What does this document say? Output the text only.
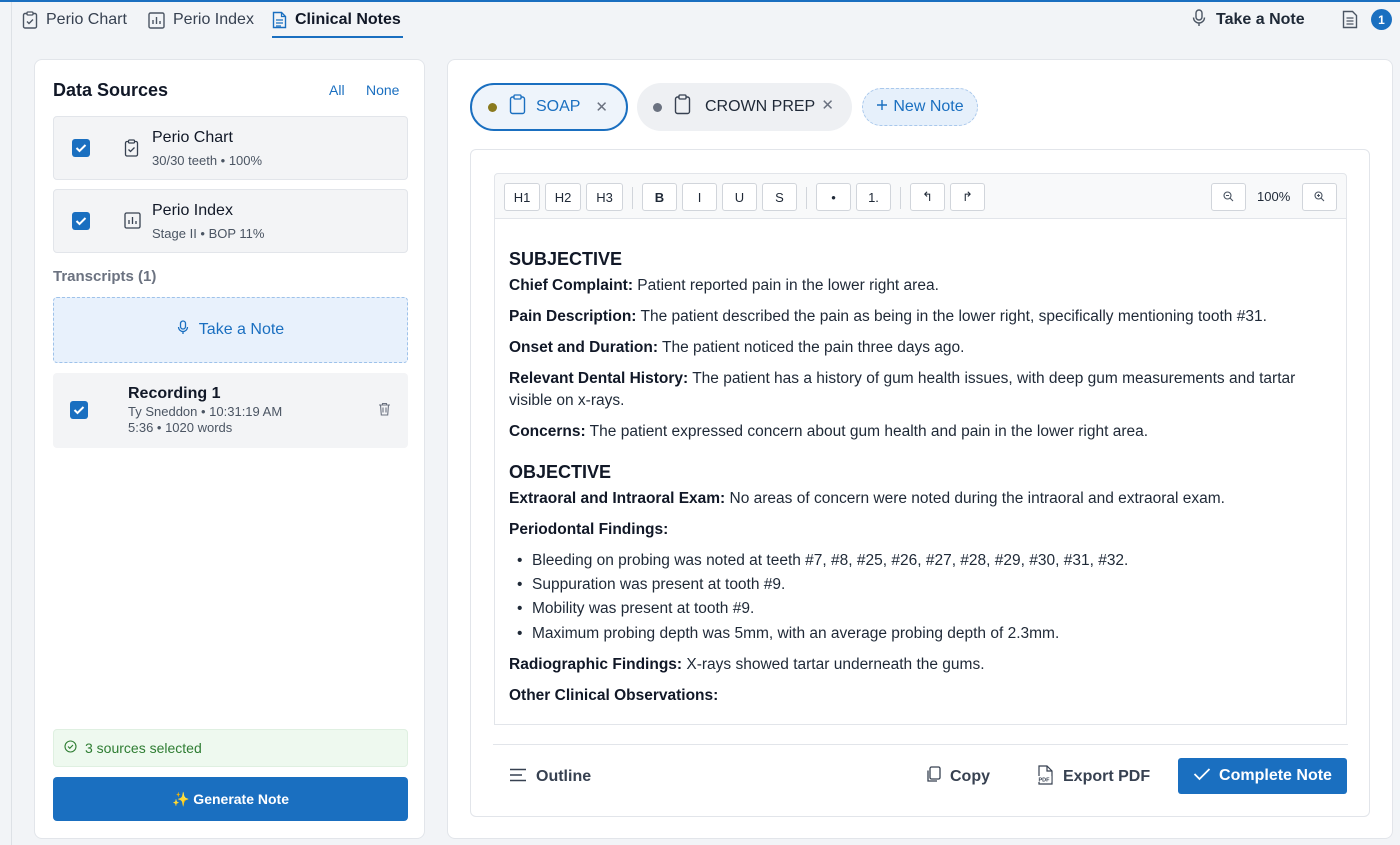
Perio Chart	Perio Index	Clinical Notes	Take a Note	1
Data Sources	All None
Perio Chart
30/30 teeth • 100%
Perio Index
Stage II • BOP 11%
Transcripts (1)
Take a Note
Recording 1
Ty Sneddon • 10:31:19 AM
5:36 • 1020 words
3 sources selected
✨ Generate Note
SOAP ✕	CROWN PREP ✕	New Note
H1	H2	H3	B	I	U	S	•	1.	↰	↱	100%
SUBJECTIVE
Chief Complaint: Patient reported pain in the lower right area.
Pain Description: The patient described the pain as being in the lower right, specifically mentioning tooth #31.
Onset and Duration: The patient noticed the pain three days ago.
Relevant Dental History: The patient has a history of gum health issues, with deep gum measurements and tartar visible on x-rays.
Concerns: The patient expressed concern about gum health and pain in the lower right area.
OBJECTIVE
Extraoral and Intraoral Exam: No areas of concern were noted during the intraoral and extraoral exam.
Periodontal Findings:
• Bleeding on probing was noted at teeth #7, #8, #25, #26, #27, #28, #29, #30, #31, #32.
• Suppuration was present at tooth #9.
• Mobility was present at tooth #9.
• Maximum probing depth was 5mm, with an average probing depth of 2.3mm.
Radiographic Findings: X-rays showed tartar underneath the gums.
Other Clinical Observations:
Outline	Copy	PDF Export PDF	Complete Note
